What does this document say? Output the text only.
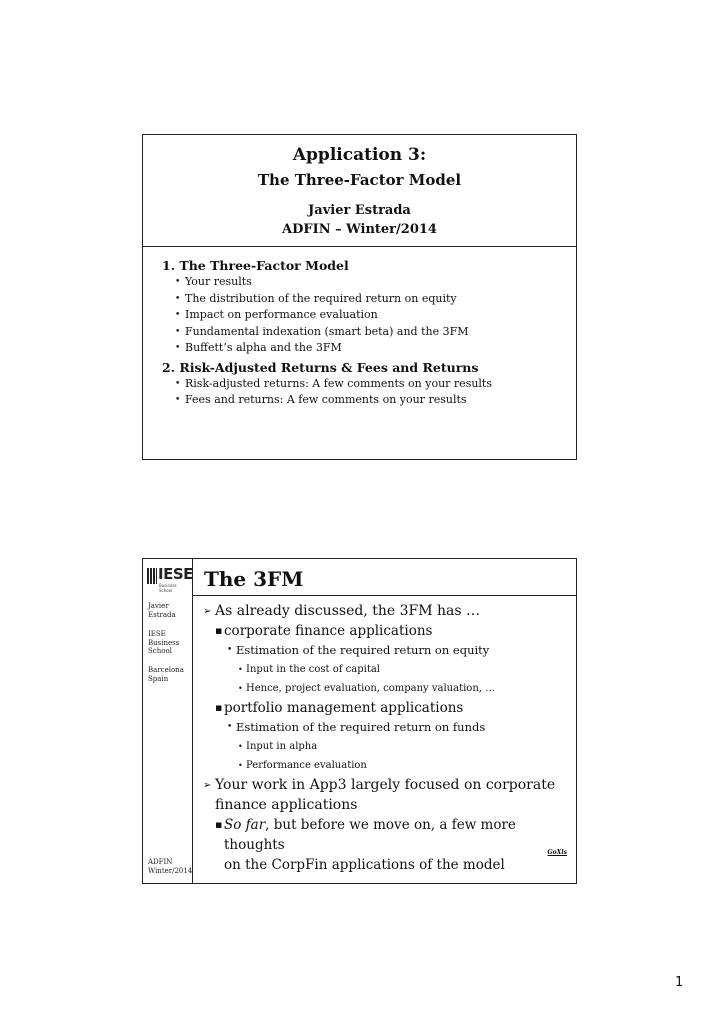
Application 3:
The Three-Factor Model
Javier Estrada
ADFIN – Winter/2014
1. The Three-Factor Model
• Your results
• The distribution of the required return on equity
• Impact on performance evaluation
• Fundamental indexation (smart beta) and the 3FM
• Buffett’s alpha and the 3FM
2. Risk-Adjusted Returns & Fees and Returns
• Risk-adjusted returns: A few comments on your results
• Fees and returns: A few comments on your results
IESE
Business School
Javier
Estrada
IESE
Business
School
Barcelona
Spain
ADFIN
Winter/2014
The 3FM
➢ As already discussed, the 3FM has …
▪ corporate finance applications
• Estimation of the required return on equity
• Input in the cost of capital
• Hence, project evaluation, company valuation, …
▪ portfolio management applications
• Estimation of the required return on funds
• Input in alpha
• Performance evaluation
➢ Your work in App3 largely focused on corporate
finance applications
▪ So far, but before we move on, a few more thoughts
on the CorpFin applications of the model
GoXls
1
